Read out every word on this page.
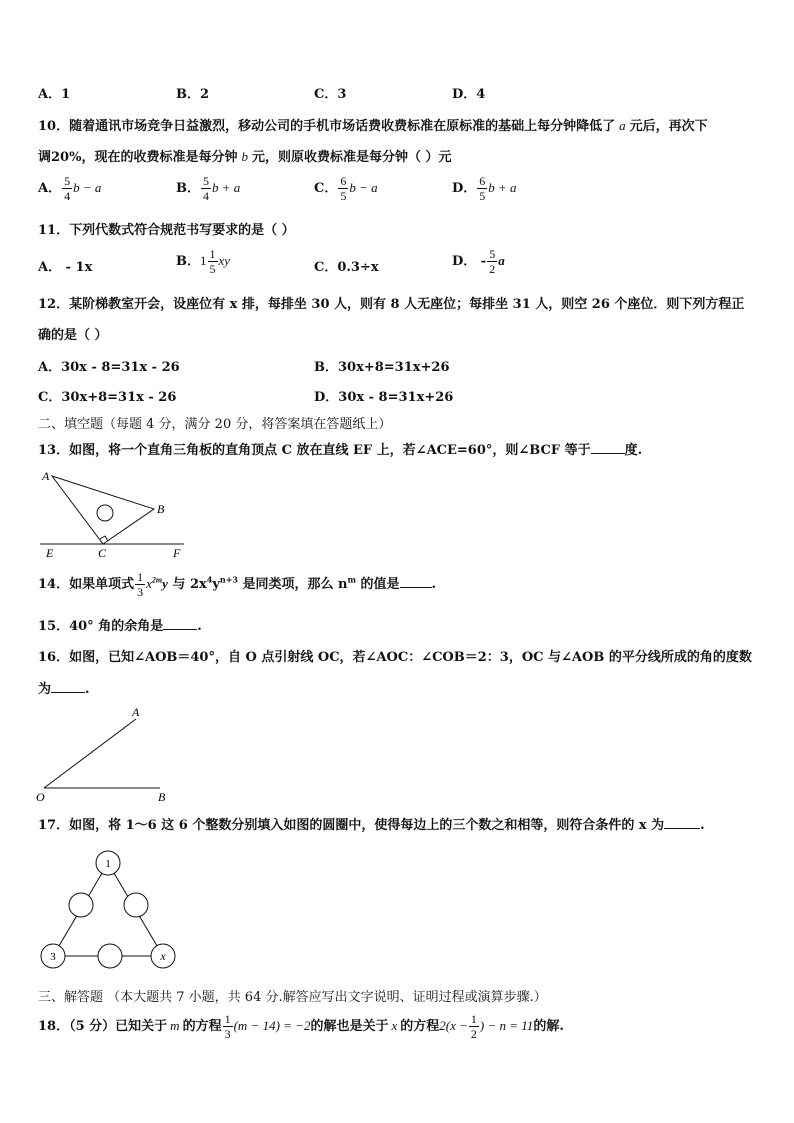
A．1	B．2	C．3	D．4
10．随着通讯市场竞争日益激烈，移动公司的手机市场话费收费标准在原标准的基础上每分钟降低了 a 元后，再次下
调20%，现在的收费标准是每分钟 b 元，则原收费标准是每分钟（ ）元
A． $\frac{5}{4}$ b − a	B． $\frac{5}{4}$ b + a	C． $\frac{6}{5}$ b − a	D． $\frac{6}{5}$ b + a
11．下列代数式符合规范书写要求的是（ ）
A． - 1x	B．$1 \frac{1}{5}$ xy	C．0.3÷x	D． - $\frac{5}{2}$ a
12．某阶梯教室开会，设座位有 x 排，每排坐 30 人，则有 8 人无座位；每排坐 31 人，则空 26 个座位．则下列方程正
确的是（ ）
A．30x - 8=31x - 26	B．30x+8=31x+26
C．30x+8=31x - 26	D．30x - 8=31x+26
二、填空题（每题 4 分，满分 20 分，将答案填在答题纸上）
13．如图，将一个直角三角板的直角顶点 C 放在直线 EF 上，若∠ACE=60°，则∠BCF 等于	度.
A
B
C
E	F
14．如果单项式 $\frac{1}{3} x^{2m}y$ 与 $2x^4y^{n+3}$ 是同类项，那么 $n^m$ 的值是 .
15．40° 角的余角是	.
16．如图，已知∠AOB＝40°，自 O 点引射线 OC，若∠AOC：∠COB＝2：3，OC 与∠AOB 的平分线所成的角的度数
为	.
A
O	B
17．如图，将 1～6 这 6 个整数分别填入如图的圆圈中，使得每边上的三个数之和相等，则符合条件的 x 为	.
1
3	x
三、解答题 （本大题共 7 小题，共 64 分.解答应写出文字说明、证明过程或演算步骤.）
18．（5 分）已知关于 m 的方程 $\frac{1}{3} (m - 14) = -2$的解也是关于 x 的方程$2(x - \frac{1}{2}$ ) − n = 11的解.
